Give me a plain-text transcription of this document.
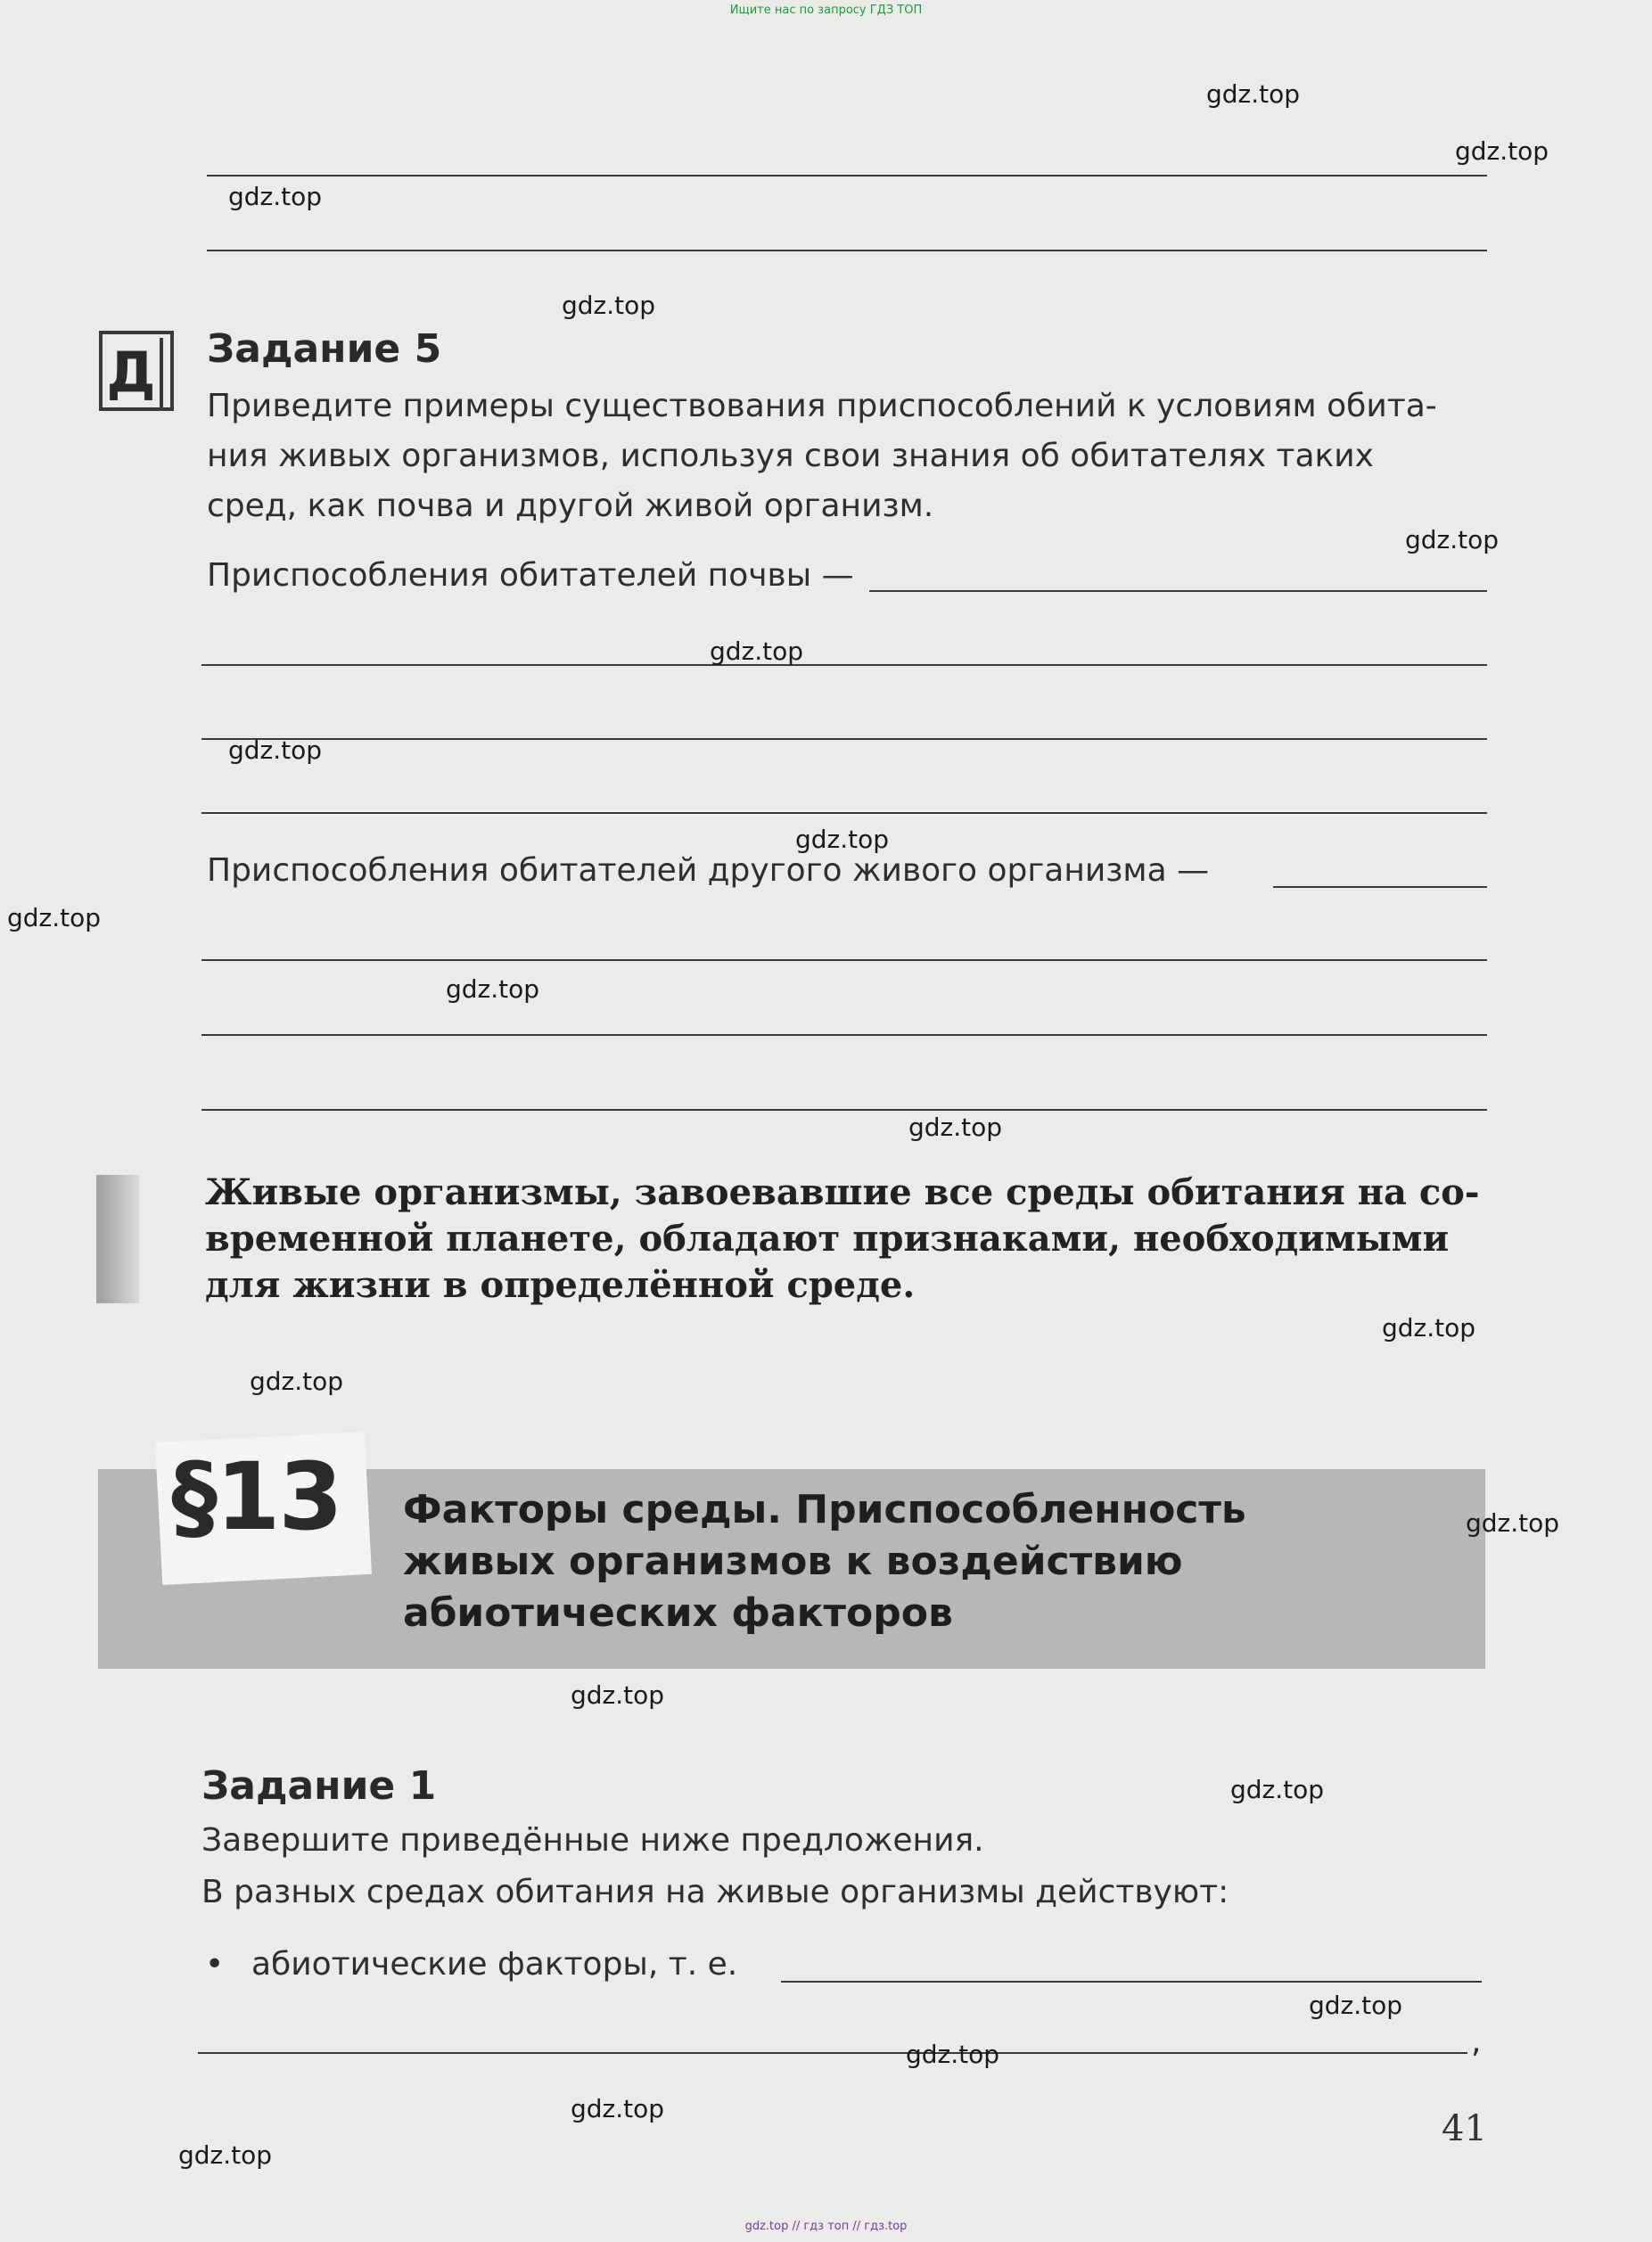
Ищите нас по запросу ГДЗ ТОП
Д Задание 5
Приведите примеры существования приспособлений к условиям обита-
ния живых организмов, используя свои знания об обитателях таких
сред, как почва и другой живой организм.
Приспособления обитателей почвы —
Приспособления обитателей другого живого организма —
Живые организмы, завоевавшие все среды обитания на со-
временной планете, обладают признаками, необходимыми
для жизни в определённой среде.
§13 Факторы среды. Приспособленность
живых организмов к воздействию
абиотических факторов
Задание 1
Завершите приведённые ниже предложения.
В разных средах обитания на живые организмы действуют:
• абиотические факторы, т. е.
,
41
gdz.top
gdz.top
gdz.top
gdz.top
gdz.top
gdz.top
gdz.top
gdz.top
gdz.top
gdz.top
gdz.top
gdz.top
gdz.top
gdz.top
gdz.top
gdz.top
gdz.top
gdz.top
gdz.top
gdz.top
gdz.top // гдз топ // гдз.top
